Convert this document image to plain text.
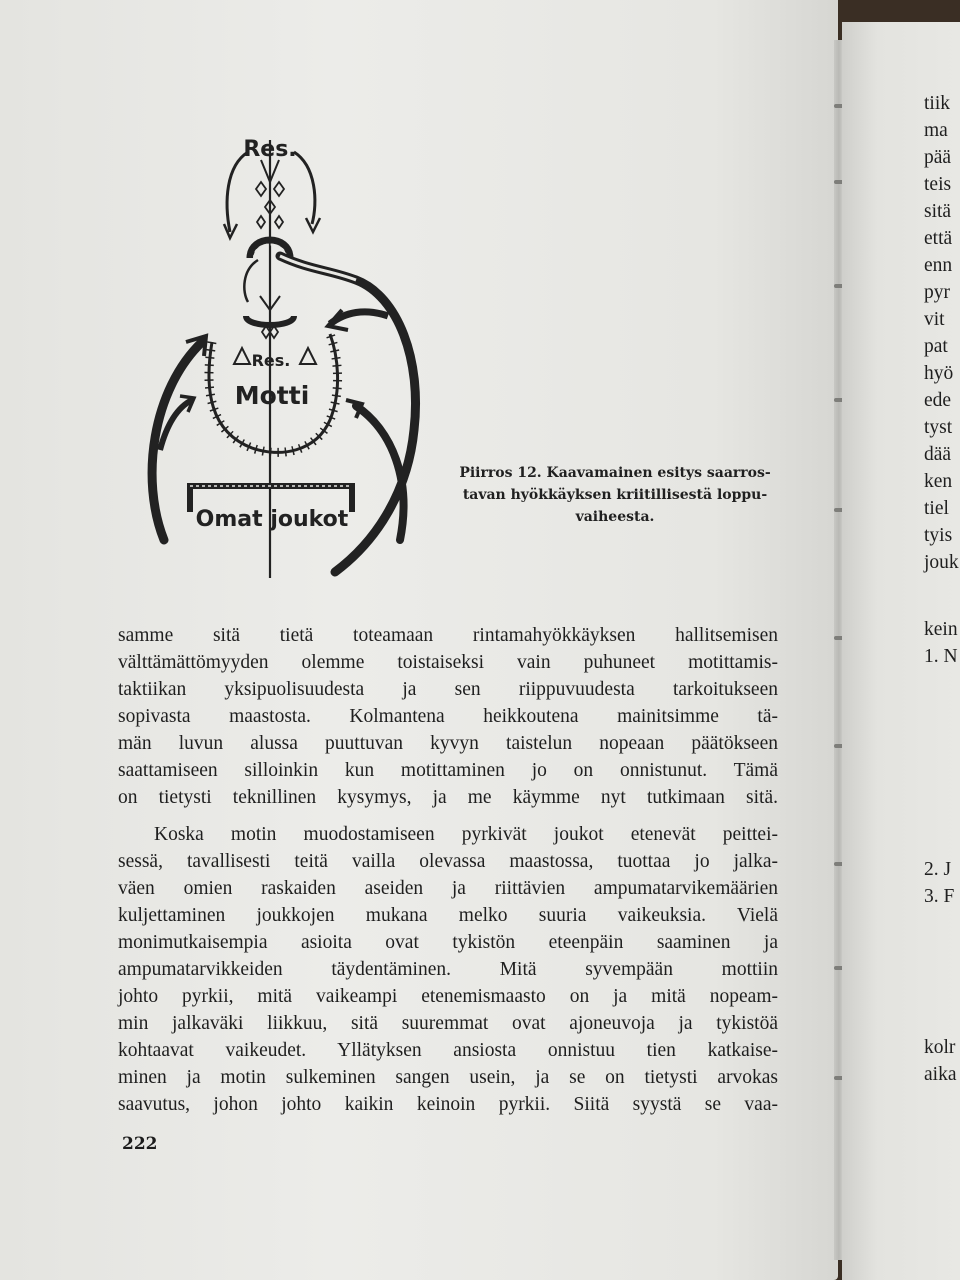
tiik
ma
pää
teis
sitä
että
enn
pyr
vit
pat
hyö
ede
tyst
dää
ken
tiel
tyis
jouk
kein
1. N
2. J
3. F
kolr
aika
Res.
Res.
Motti
Omat joukot
Piirros 12. Kaavamainen esitys saarros-
tavan hyökkäyksen kriitillisestä loppu-
vaiheesta.
samme sitä tietä toteamaan rintamahyökkäyksen hallitsemisen
välttämättömyyden olemme toistaiseksi vain puhuneet motittamis-
taktiikan yksipuolisuudesta ja sen riippuvuudesta tarkoitukseen
sopivasta maastosta. Kolmantena heikkoutena mainitsimme tä-
män luvun alussa puuttuvan kyvyn taistelun nopeaan päätökseen
saattamiseen silloinkin kun motittaminen jo on onnistunut. Tämä
on tietysti teknillinen kysymys, ja me käymme nyt tutkimaan sitä.
Koska motin muodostamiseen pyrkivät joukot etenevät peittei-
sessä, tavallisesti teitä vailla olevassa maastossa, tuottaa jo jalka-
väen omien raskaiden aseiden ja riittävien ampumatarvikemäärien
kuljettaminen joukkojen mukana melko suuria vaikeuksia. Vielä
monimutkaisempia asioita ovat tykistön eteenpäin saaminen ja
ampumatarvikkeiden täydentäminen. Mitä syvempään mottiin
johto pyrkii, mitä vaikeampi etenemismaasto on ja mitä nopeam-
min jalkaväki liikkuu, sitä suuremmat ovat ajoneuvoja ja tykistöä
kohtaavat vaikeudet. Yllätyksen ansiosta onnistuu tien katkaise-
minen ja motin sulkeminen sangen usein, ja se on tietysti arvokas
saavutus, johon johto kaikin keinoin pyrkii. Siitä syystä se vaa-
222
